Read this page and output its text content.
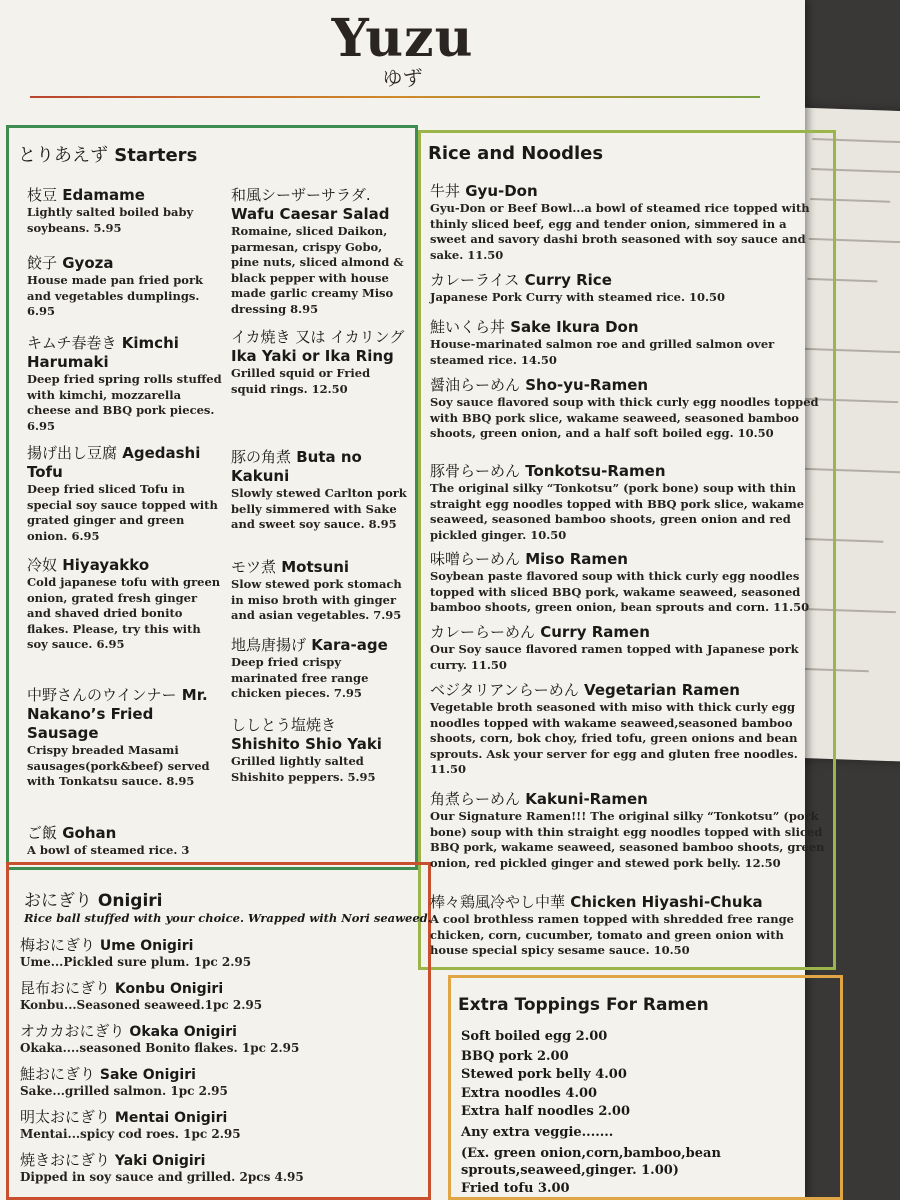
Yuzu
ゆず
とりあえず Starters
枝豆 Edamame
Lightly salted boiled baby soybeans. 5.95
餃子 Gyoza
House made pan fried pork and vegetables dumplings. 6.95
キムチ春巻き Kimchi Harumaki
Deep fried spring rolls stuffed with kimchi, mozzarella cheese and BBQ pork pieces. 6.95
揚げ出し豆腐 Agedashi Tofu
Deep fried sliced Tofu in special soy sauce topped with grated ginger and green onion. 6.95
冷奴 Hiyayakko
Cold japanese tofu with green onion, grated fresh ginger and shaved dried bonito flakes. Please, try this with soy sauce. 6.95
中野さんのウインナー Mr. Nakano’s Fried Sausage
Crispy breaded Masami sausages(pork&beef) served with Tonkatsu sauce. 8.95
ご飯 Gohan
A bowl of steamed rice. 3
和風シーザーサラダ. Wafu Caesar Salad
Romaine, sliced Daikon, parmesan, crispy Gobo, pine nuts, sliced almond & black pepper with house made garlic creamy Miso dressing 8.95
イカ焼き 又は イカリング Ika Yaki or Ika Ring
Grilled squid or Fried squid rings. 12.50
豚の角煮 Buta no Kakuni
Slowly stewed Carlton pork belly simmered with Sake and sweet soy sauce. 8.95
モツ煮 Motsuni
Slow stewed pork stomach in miso broth with ginger and asian vegetables. 7.95
地鳥唐揚げ Kara-age
Deep fried crispy marinated free range chicken pieces. 7.95
ししとう塩焼き Shishito Shio Yaki
Grilled lightly salted Shishito peppers. 5.95
Rice and Noodles
牛丼 Gyu-Don
Gyu-Don or Beef Bowl...a bowl of steamed rice topped with thinly sliced beef, egg and tender onion, simmered in a sweet and savory dashi broth seasoned with soy sauce and sake. 11.50
カレーライス Curry Rice
Japanese Pork Curry with steamed rice. 10.50
鮭いくら丼 Sake Ikura Don
House-marinated salmon roe and grilled salmon over steamed rice. 14.50
醤油らーめん Sho-yu-Ramen
Soy sauce flavored soup with thick curly egg noodles topped with BBQ pork slice, wakame seaweed, seasoned bamboo shoots, green onion, and a half soft boiled egg. 10.50
豚骨らーめん Tonkotsu-Ramen
The original silky “Tonkotsu” (pork bone) soup with thin straight egg noodles topped with BBQ pork slice, wakame seaweed, seasoned bamboo shoots, green onion and red pickled ginger. 10.50
味噌らーめん Miso Ramen
Soybean paste flavored soup with thick curly egg noodles topped with sliced BBQ pork, wakame seaweed, seasoned bamboo shoots, green onion, bean sprouts and corn. 11.50
カレーらーめん Curry Ramen
Our Soy sauce flavored ramen topped with Japanese pork curry. 11.50
ベジタリアンらーめん Vegetarian Ramen
Vegetable broth seasoned with miso with thick curly egg noodles topped with wakame seaweed,seasoned bamboo shoots, corn, bok choy, fried tofu, green onions and bean sprouts. Ask your server for egg and gluten free noodles. 11.50
角煮らーめん Kakuni-Ramen
Our Signature Ramen!!! The original silky “Tonkotsu” (pork bone) soup with thin straight egg noodles topped with sliced BBQ pork, wakame seaweed, seasoned bamboo shoots, green onion, red pickled ginger and stewed pork belly. 12.50
棒々鶏風冷やし中華 Chicken Hiyashi-Chuka
A cool brothless ramen topped with shredded free range chicken, corn, cucumber, tomato and green onion with house special spicy sesame sauce. 10.50
おにぎり Onigiri
Rice ball stuffed with your choice. Wrapped with Nori seaweed.
梅おにぎり Ume Onigiri
Ume...Pickled sure plum. 1pc 2.95
昆布おにぎり Konbu Onigiri
Konbu...Seasoned seaweed.1pc 2.95
オカカおにぎり Okaka Onigiri
Okaka....seasoned Bonito flakes. 1pc 2.95
鮭おにぎり Sake Onigiri
Sake...grilled salmon. 1pc 2.95
明太おにぎり Mentai Onigiri
Mentai...spicy cod roes. 1pc 2.95
焼きおにぎり Yaki Onigiri
Dipped in soy sauce and grilled. 2pcs 4.95
Extra Toppings For Ramen
Soft boiled egg 2.00
BBQ pork 2.00
Stewed pork belly 4.00
Extra noodles 4.00
Extra half noodles 2.00
Any extra veggie.......
(Ex. green onion,corn,bamboo,bean sprouts,seaweed,ginger. 1.00)
Fried tofu 3.00
